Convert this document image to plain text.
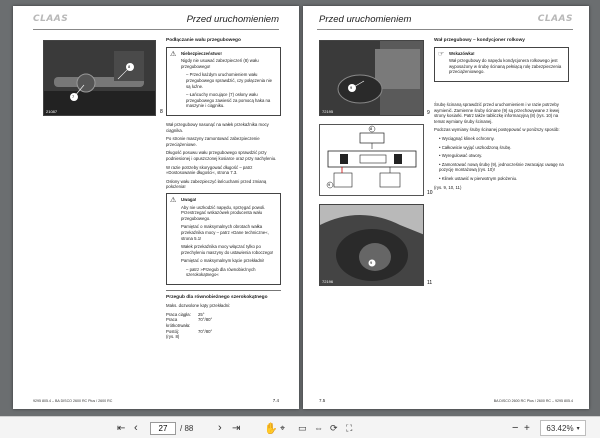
CLAAS	Przed uruchomieniem
7
8
21087	8
Podłączanie wału przegubowego
⚠ Niebezpieczeństwo!

Nigdy nie usuwać zabezpieczeń (8) wału przegubowego!

– Przed każdym uruchomieniem wału przegubowego sprawdzić, czy połączenia nie są luźne.

– Łańcuchy mocujące (7) osłony wału przegubowego zawiesić za pomocą haka na maszynie i ciągniku.

Wał przegubowy nasunąć na wałek przekaźnika mocy ciągnika.

Po stronie maszyny zamontować zabezpieczenie przeciążeniowe.

Długość posuwu wału przegubowego sprawdzić przy podniesionej i opuszczonej kosiarce oraz przy nachyleniu.

W razie potrzeby skorygować długość – patrz »Dostosowanie długości«, strona 7.3.

Osłony wału zabezpieczyć łańcuchami przed zmianą położenia!

⚠ Uwaga!

Aby nie uszkodzić napędu, sprzęgać powoli. Przestrzegać wskazówek producenta wału przegubowego.

Pamiętać o maksymalnych obrotach wałka przekaźnika mocy – patrz »Dane techniczne«, strona 5.1!

Wałek przekaźnika mocy włączać tylko po przechyleniu maszyny do ustawienia roboczego!

Pamiętać o maksymalnym kącie przekładni!

– patrz »Przegub dla równobieżnych szerokokątnego«

Przegub dla równobieżnego szerokokątnego

Maks. dozwolone kąty przekładni:

Praca ciągła:	25°
Praca krótkotrwała:
70°/80°
Postój:	70°/80°

(rys. 8)

9295 805.4 – BA DISCO 2600 RC Plus / 2600 RC	7.4
Przed uruchomieniem	CLAAS
9
72195	9
8
9
10
9
72196	11
Wał przegubowy – kondycjoner rolkowy
☞ Wskazówka!

Wał przegubowy do napędu kondycjonera rolkowego jest wyposażony w śrubę ścinaną pełniącą rolę zabezpieczenia przeciążeniowego.

Śrubę ścinaną sprawdzić przed uruchomieniem i w razie potrzeby wymienić. Zamienne śruby ścinane (9) są przechowywane z lewej strony kosiarki. Patrz także tabliczkę informacyjną (8) (rys. 10) na temat wymiany śruby ścinanej.

Podczas wymiany śruby ścinanej postępować w poniższy sposób:

• Wyciągnąć klinek ochronny.

• Całkowicie wyjąć uszkodzoną śrubę.

• Wyregulować otwory.

• Zamontować nową śrubę (9), jednocześnie zwracając uwagę na pozycję montażową (rys. 10)!

• Klinek ustawić w pierwotnym położeniu.

(rys. 9, 10, 11)

7.5	BA DISCO 2600 RC Plus / 2600 RC – 9295 805.4
⇤ ‹
27	/ 88 › ⇥ ✋ ⌖ ▭ ⇔ ⟳ ⛶	− + 63.42% ▾
